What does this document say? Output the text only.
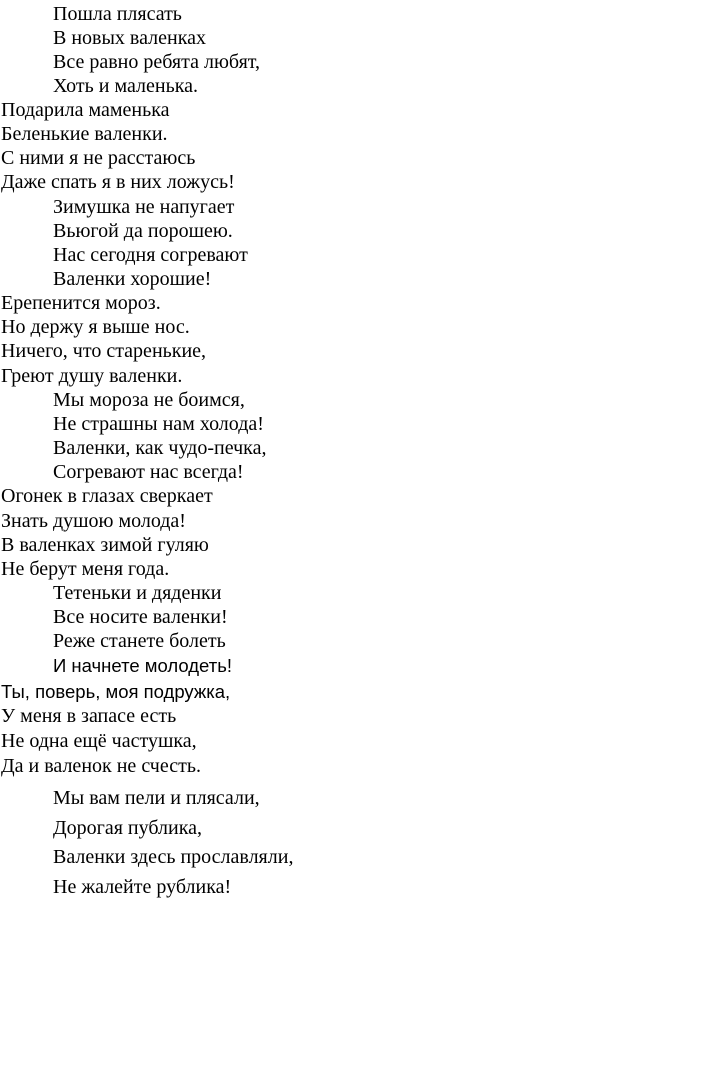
Пошла плясать
В новых валенках
Все равно ребята любят,
Хоть и маленька.
Подарила маменька
Беленькие валенки.
С ними я не расстаюсь
Даже спать я в них ложусь!
Зимушка не напугает
Вьюгой да порошею.
Нас сегодня согревают
Валенки хорошие!
Ерепенится мороз.
Но держу я выше нос.
Ничего, что старенькие,
Греют душу валенки.
Мы мороза не боимся,
Не страшны нам холода!
Валенки, как чудо-печка,
Согревают нас всегда!
Огонек в глазах сверкает
Знать душою молода!
В валенках зимой гуляю
Не берут меня года.
Тетеньки и дяденки
Все носите валенки!
Реже станете болеть
И начнете молодеть!
Ты, поверь, моя подружка,
У меня в запасе есть
Не одна ещё частушка,
Да и валенок не счесть.
Мы вам пели и плясали,
Дорогая публика,
Валенки здесь прославляли,
Не жалейте рублика!
